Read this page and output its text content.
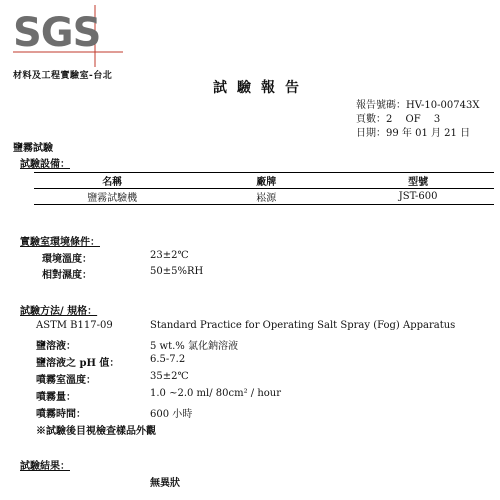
SGS
材料及工程實驗室-台北
試驗報告
報告號碼：HV-10-00743X
頁數：2　 OF　 3
日期：99 年 01 月 21 日
鹽霧試驗
試驗設備：
名稱	廠牌	型號
鹽霧試驗機	崧源	JST-600
實驗室環境條件：
環境溫度：	23±2℃
相對濕度：	50±5%RH
試驗方法/ 規格：
ASTM B117-09	Standard Practice for Operating Salt Spray (Fog) Apparatus
鹽溶液：	5 wt.% 氯化鈉溶液
鹽溶液之 pH 值：	6.5-7.2
噴霧室溫度：	35±2℃
噴霧量：	1.0 ~2.0 ml/ 80cm² / hour
噴霧時間：	600 小時
※試驗後目視檢查樣品外觀
試驗結果：
無異狀
